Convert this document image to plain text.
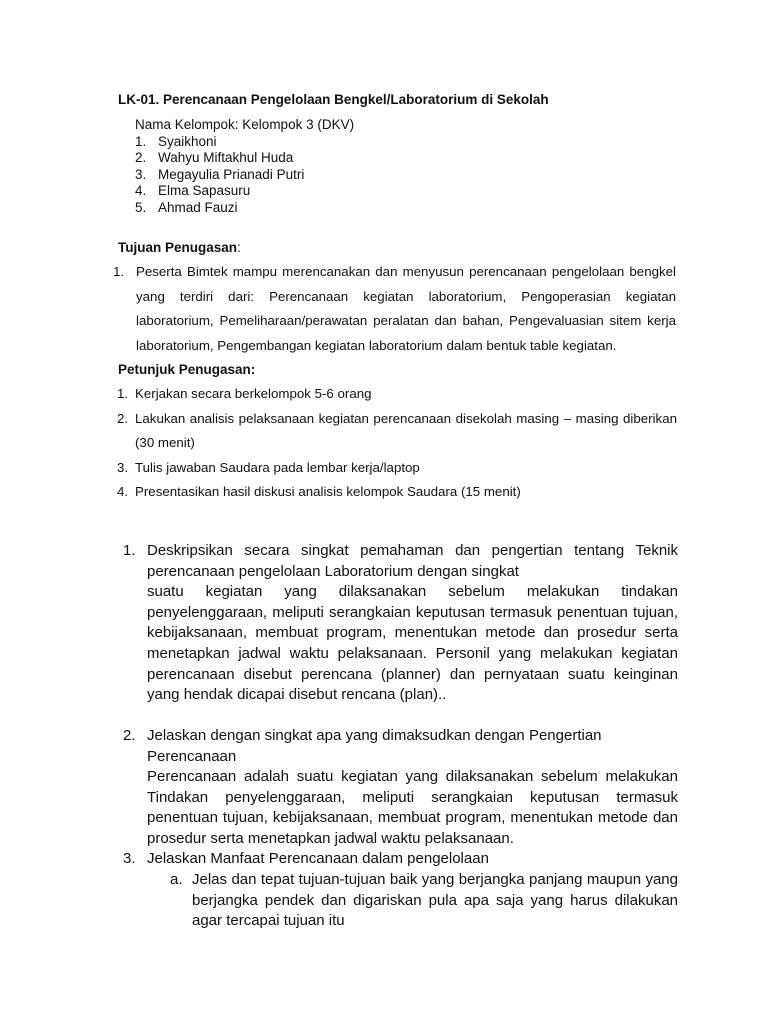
LK-01. Perencanaan Pengelolaan Bengkel/Laboratorium di Sekolah
Nama Kelompok: Kelompok 3 (DKV)
1. Syaikhoni
2. Wahyu Miftakhul Huda
3. Megayulia Prianadi Putri
4. Elma Sapasuru
5. Ahmad Fauzi
Tujuan Penugasan:
1. Peserta Bimtek mampu merencanakan dan menyusun perencanaan pengelolaan bengkel yang terdiri dari: Perencanaan kegiatan laboratorium, Pengoperasian kegiatan laboratorium, Pemeliharaan/perawatan peralatan dan bahan, Pengevaluasian sitem kerja laboratorium, Pengembangan kegiatan laboratorium dalam bentuk table kegiatan.
Petunjuk Penugasan:
1. Kerjakan secara berkelompok 5-6 orang
2. Lakukan analisis pelaksanaan kegiatan perencanaan disekolah masing – masing diberikan (30 menit)
3. Tulis jawaban Saudara pada lembar kerja/laptop
4. Presentasikan hasil diskusi analisis kelompok Saudara (15 menit)
1. Deskripsikan secara singkat pemahaman dan pengertian tentang Teknik perencanaan pengelolaan Laboratorium dengan singkat
suatu kegiatan yang dilaksanakan sebelum melakukan tindakan penyelenggaraan, meliputi serangkaian keputusan termasuk penentuan tujuan, kebijaksanaan, membuat program, menentukan metode dan prosedur serta menetapkan jadwal waktu pelaksanaan. Personil yang melakukan kegiatan perencanaan disebut perencana (planner) dan pernyataan suatu keinginan yang hendak dicapai disebut rencana (plan)..
2. Jelaskan dengan singkat apa yang dimaksudkan dengan Pengertian Perencanaan
Perencanaan adalah suatu kegiatan yang dilaksanakan sebelum melakukan Tindakan penyelenggaraan, meliputi serangkaian keputusan termasuk penentuan tujuan, kebijaksanaan, membuat program, menentukan metode dan prosedur serta menetapkan jadwal waktu pelaksanaan.
3. Jelaskan Manfaat Perencanaan dalam pengelolaan
a. Jelas dan tepat tujuan-tujuan baik yang berjangka panjang maupun yang berjangka pendek dan digariskan pula apa saja yang harus dilakukan agar tercapai tujuan itu
